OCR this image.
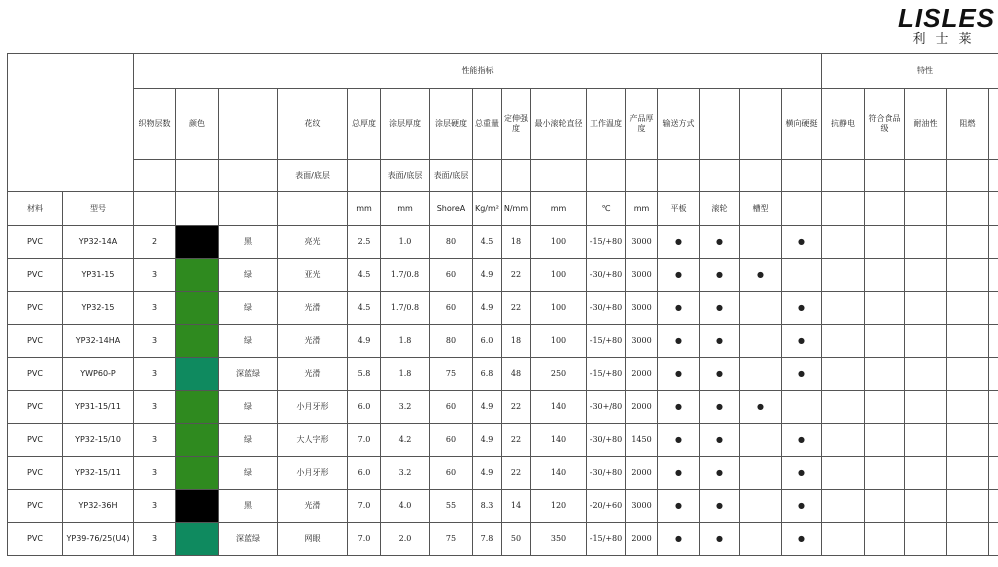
LISLES
利士莱
		性能指标																特性				
		织物层数	颜色		花纹	总厚度	涂层厚度	涂层硬度	总重量	定伸强度	最小滚轮直径	工作温度	产品厚度	输送方式			横向硬挺	抗静电	符合食品级	耐油性	阻燃	
					表面/底层		表面/底层	表面/底层														
材料	型号					mm	mm	ShoreA	Kg/m²	N/mm	mm	℃	mm	平板	滚轮	槽型						
PVC	YP32-14A	2		黑	亮光	2.5	1.0	80	4.5	18	100	-15/+80	3000	●	●		●					
PVC	YP31-15	3		绿	亚光	4.5	1.7/0.8	60	4.9	22	100	-30/+80	3000	●	●	●						
PVC	YP32-15	3		绿	光滑	4.5	1.7/0.8	60	4.9	22	100	-30/+80	3000	●	●		●					
PVC	YP32-14HA	3		绿	光滑	4.9	1.8	80	6.0	18	100	-15/+80	3000	●	●		●					
PVC	YWP60-P	3		深蓝绿	光滑	5.8	1.8	75	6.8	48	250	-15/+80	2000	●	●		●					
PVC	YP31-15/11	3		绿	小月牙形	6.0	3.2	60	4.9	22	140	-30+/80	2000	●	●	●						
PVC	YP32-15/10	3		绿	大人字形	7.0	4.2	60	4.9	22	140	-30/+80	1450	●	●		●					
PVC	YP32-15/11	3		绿	小月牙形	6.0	3.2	60	4.9	22	140	-30/+80	2000	●	●		●					
PVC	YP32-36H	3		黑	光滑	7.0	4.0	55	8.3	14	120	-20/+60	3000	●	●		●					
PVC	YP39-76/25(U4)	3		深蓝绿	网眼	7.0	2.0	75	7.8	50	350	-15/+80	2000	●	●		●					
